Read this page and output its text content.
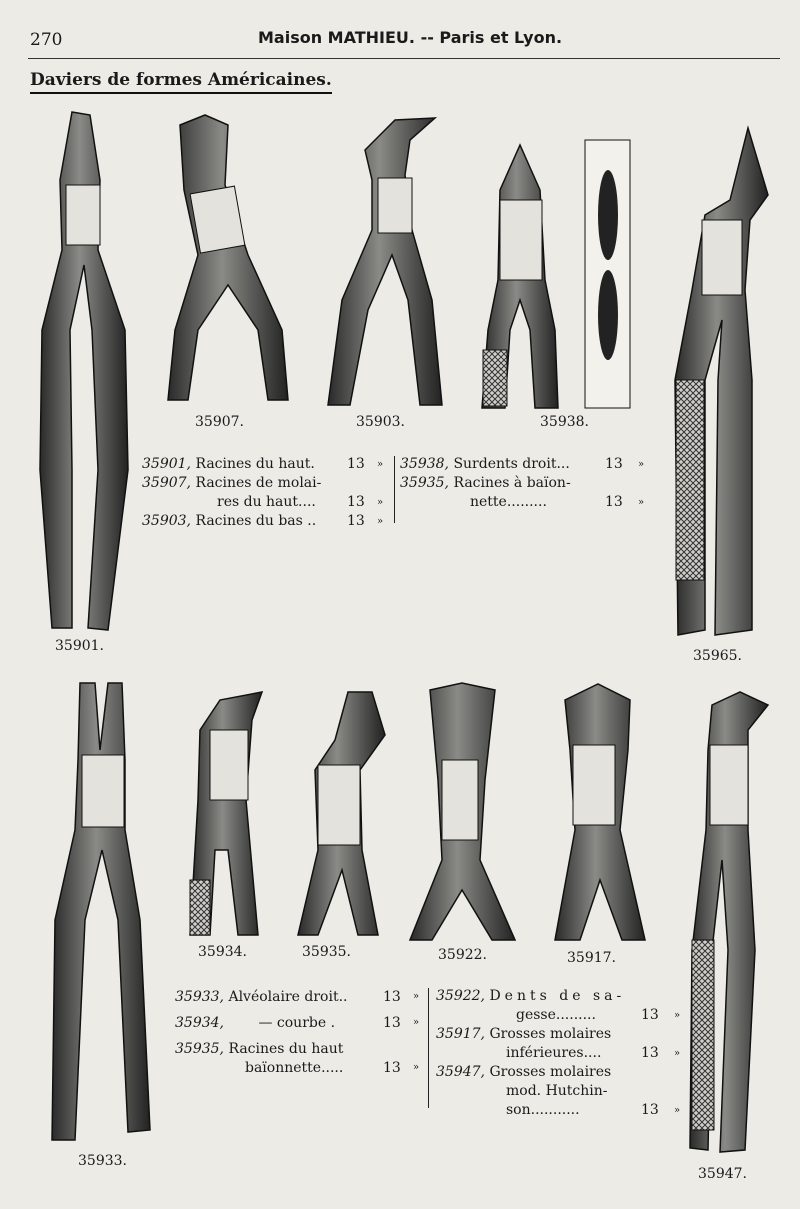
270	Maison MATHIEU. -- Paris et Lyon.
Daviers de formes Américaines.
35901.
35907.	35903.	35938.
35965.
35933.
35934.	35935.	35922.	35917.
35947.
35901, Racines du haut. 13 »
35907, Racines de molai-
res du haut.... 13 »
35903, Racines du bas .. 13 »
35938, Surdents droit...	13 »
35935, Racines à baïon-
nette.........	13 »
35933, Alvéolaire droit..	13 »
35934, — courbe .	13 »
35935, Racines du haut
baïonnette.....	13 »
35922, Dents de sa-
gesse.........	13 »
35917, Grosses molaires
inférieures....	13 »
35947, Grosses molaires
mod. Hutchin-
son...........	13 »
